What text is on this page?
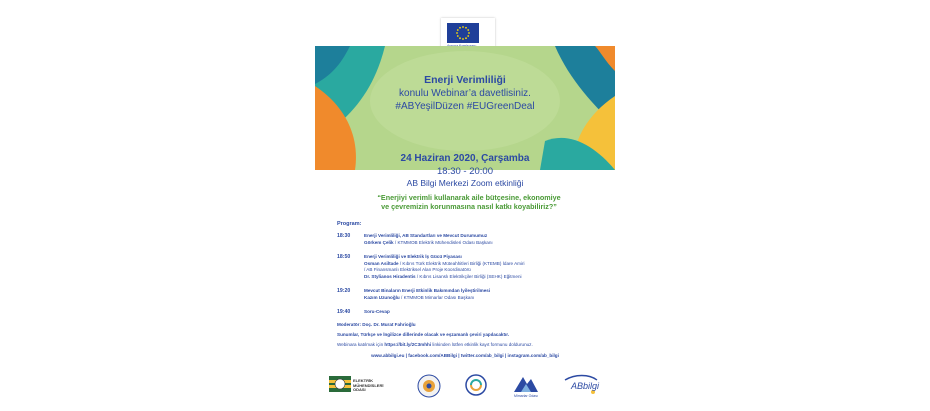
Enerji Verimliliği
konulu Webinar’a davetlisiniz.
#ABYeşilDüzen #EUGreenDeal
24 Haziran 2020, Çarşamba
18:30 - 20:00
AB Bilgi Merkezi Zoom etkinliği
“Enerjiyi verimli kullanarak aile bütçesine, ekonomiye
ve çevremizin korunmasına nasıl katkı koyabiliriz?”
Program:
18:30	Enerji Verimliliği, AB Standartları ve Mevcut Durumumuz
Görkem Çelik / KTMMOB Elektrik Mühendisleri Odası Başkanı
18:50	Enerji Verimliliği ve Elektrik İş Gücü Piyasası
Osman Asiltade / Kıbrıs Türk Elektrik Müteahhitleri Birliği (KTEMB) İdare Amiri
/ AB Finansmanlı Elektriksel Alan Proje Koordinatörü
Dr. Stylianos Hiradentis / Kıbrıs Lisanslı Elektrikçiler Birliği (SEHK) Eğitmeni
19:20	Mevcut Binaların Enerji Etkinlik Bakımından İyileştirilmesi
Kazım Uzunoğlu / KTMMOB Mimarlar Odası Başkanı
19:40	Soru-Cevap
Moderatör: Doç. Dr. Murat Fahrioğlu
Sunumlar, Türkçe ve İngilizce dillerinde olacak ve eşzamanlı çeviri yapılacaktır.
Webinara katılmak için https://bit.ly/2C3mhhi linkinden lütfen etkinlik kayıt formunu doldurunuz.
www.abbilgi.eu | facebook.com/ABBilgi | twitter.com/ab_bilgi | instagram.com/ab_bilgi
ELEKTRİK MÜHENDİSLERİ ODASI
Mimarlar Odası
ABbilgi
